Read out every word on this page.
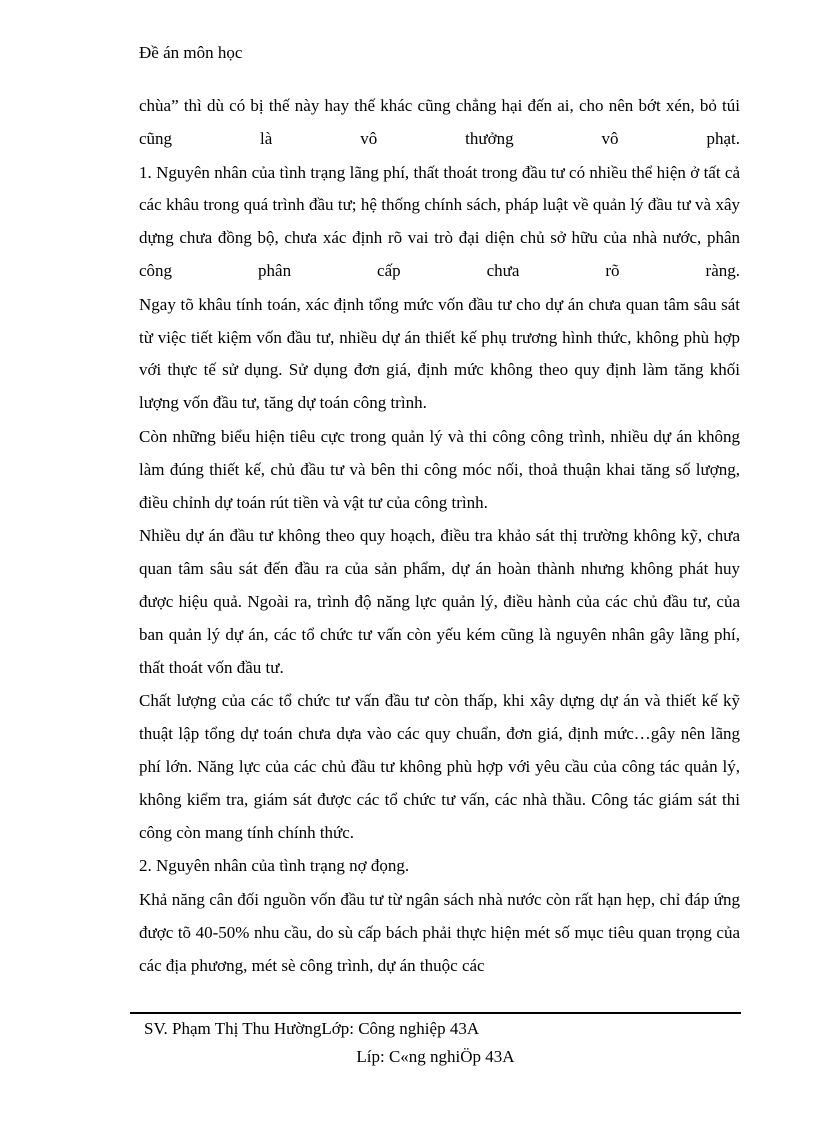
Đề án môn học

chùa” thì dù có bị thế này hay thế khác cũng chẳng hại đến ai, cho nên bớt xén, bỏ túi cũng là vô thưởng vô phạt.

1. Nguyên nhân của tình trạng lãng phí, thất thoát trong đầu tư có nhiều thể hiện ở tất cả các khâu trong quá trình đầu tư; hệ thống chính sách, pháp luật về quản lý đầu tư và xây dựng chưa đồng bộ, chưa xác định rõ vai trò đại diện chủ sở hữu của nhà nước, phân công phân cấp chưa rõ ràng.

Ngay tõ khâu tính toán, xác định tổng mức vốn đầu tư cho dự án chưa quan tâm sâu sát từ việc tiết kiệm vốn đầu tư, nhiều dự án thiết kế phụ trương hình thức, không phù hợp với thực tế sử dụng. Sử dụng đơn giá, định mức không theo quy định làm tăng khối lượng vốn đầu tư, tăng dự toán công trình.

Còn những biểu hiện tiêu cực trong quản lý và thi công công trình, nhiều dự án không làm đúng thiết kế, chủ đầu tư và bên thi công móc nối, thoả thuận khai tăng số lượng, điều chỉnh dự toán rút tiền và vật tư của công trình.

Nhiều dự án đầu tư không theo quy hoạch, điều tra khảo sát thị trường không kỹ, chưa quan tâm sâu sát đến đầu ra của sản phẩm, dự án hoàn thành nhưng không phát huy được hiệu quả. Ngoài ra, trình độ năng lực quản lý, điều hành của các chủ đầu tư, của ban quản lý dự án, các tổ chức tư vấn còn yếu kém cũng là nguyên nhân gây lãng phí, thất thoát vốn đầu tư.

Chất lượng của các tổ chức tư vấn đầu tư còn thấp, khi xây dựng dự án và thiết kế kỹ thuật lập tổng dự toán chưa dựa vào các quy chuẩn, đơn giá, định mức…gây nên lãng phí lớn. Năng lực của các chủ đầu tư không phù hợp với yêu cầu của công tác quản lý, không kiểm tra, giám sát được các tổ chức tư vấn, các nhà thầu. Công tác giám sát thi công còn mang tính chính thức.

2. Nguyên nhân của tình trạng nợ đọng.

Khả năng cân đối nguồn vốn đầu tư từ ngân sách nhà nước còn rất hạn hẹp, chỉ đáp ứng được tõ 40-50% nhu cầu, do sù cấp bách phải thực hiện mét số mục tiêu quan trọng của các địa phương, mét sè công trình, dự án thuộc các

SV. Phạm Thị Thu HườngLớp: Công nghiệp 43A
Líp: C«ng nghiÖp 43A
